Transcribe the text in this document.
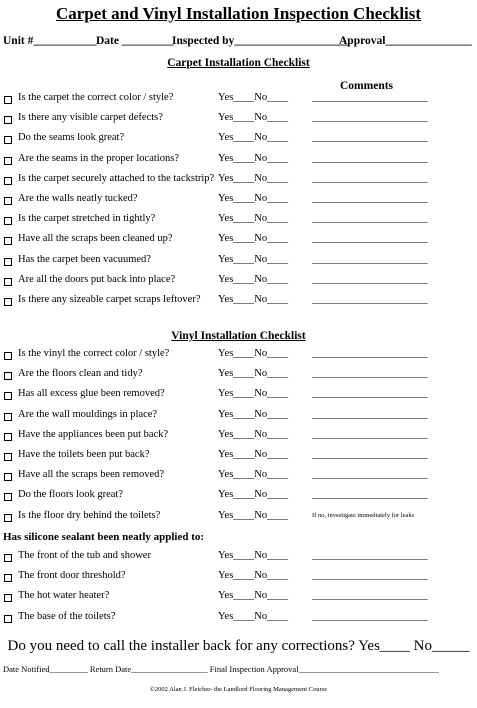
Carpet and Vinyl Installation Inspection Checklist
Unit #___________ Date _________
Inspected by____________________
Approval_______________
Carpet Installation Checklist
Comments
Is the carpet the correct color / style?	Yes____No____ ______________________
Is there any visible carpet defects?	Yes____No____ ______________________
Do the seams look great?	Yes____No____ ______________________
Are the seams in the proper locations?	Yes____No____ ______________________
Is the carpet securely attached to the tackstrip? Yes____No____ ______________________
Are the walls neatly tucked?	Yes____No____ ______________________
Is the carpet stretched in tightly?	Yes____No____ ______________________
Have all the scraps been cleaned up?	Yes____No____ ______________________
Has the carpet been vacuumed?	Yes____No____ ______________________
Are all the doors put back into place?	Yes____No____ ______________________
Is there any sizeable carpet scraps leftover? Yes____No____ ______________________
Vinyl Installation Checklist
Is the vinyl the correct color / style?	Yes____No____ ______________________
Are the floors clean and tidy?	Yes____No____ ______________________
Has all excess glue been removed?	Yes____No____ ______________________
Are the wall mouldings in place?	Yes____No____ ______________________
Have the appliances been put back?	Yes____No____ ______________________
Have the toilets been put back?	Yes____No____ ______________________
Have all the scraps been removed?	Yes____No____ ______________________
Do the floors look great?	Yes____No____ ______________________
Is the floor dry behind the toilets?	Yes____No____	If no, investigate immediately for leaks
Has silicone sealant been neatly applied to:
The front of the tub and shower	Yes____No____ ______________________
The front door threshold?	Yes____No____ ______________________
The hot water heater?	Yes____No____ ______________________
The base of the toilets?	Yes____No____ ______________________
Do you need to call the installer back for any corrections? Yes____ No_____
Date Notified_________ Return Date__________________ Final Inspection Approval_________________________________
©2002 Alan J. Fletcher- the Landlord Flooring Management Course
